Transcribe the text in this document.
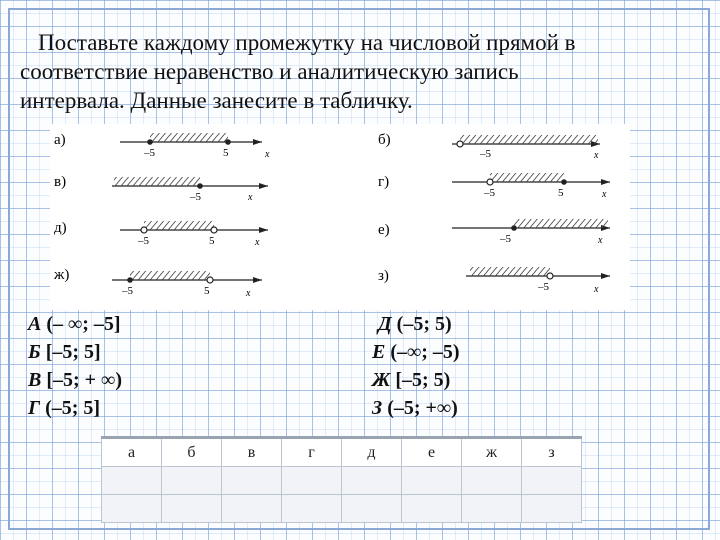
Поставьте каждому промежутку на числовой прямой в
соответствие неравенство и аналитическую запись
интервала. Данные занесите в табличку.

а)
–5	5	x
б)
–5	x
в)
–5	x
г)
–5	5	x
д)
–5	5	x
е)
–5	x
ж)
–5	5	x
з)
–5	x
А (– ∞; –5]
Б [–5; 5]
В [–5; + ∞)
Г (–5; 5]
Д (–5; 5)
Е (–∞; –5)
Ж [–5; 5)
З (–5; +∞)
а	б	в	г	д	е	ж	з
